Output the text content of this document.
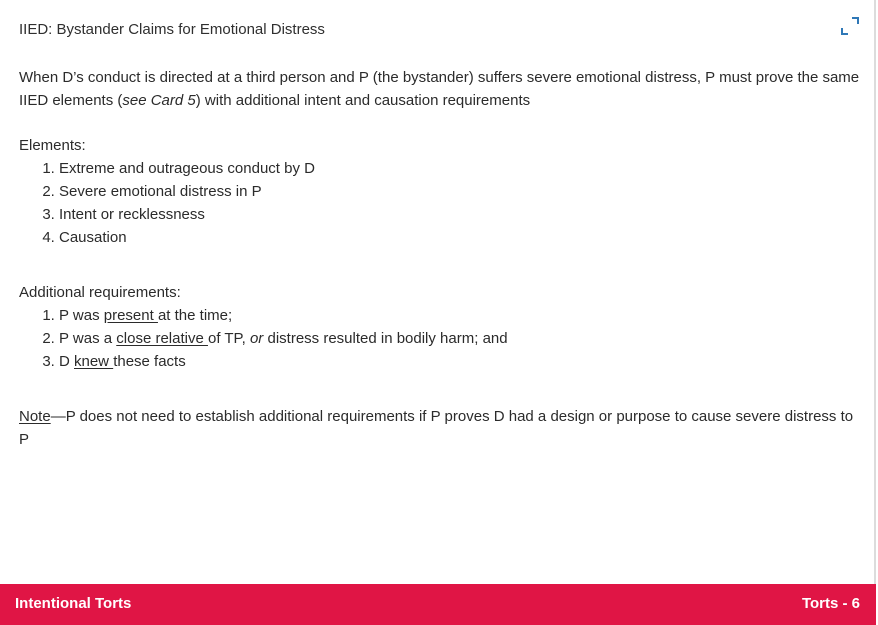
IIED: Bystander Claims for Emotional Distress

When D’s conduct is directed at a third person and P (the bystander) suffers severe emotional distress, P must prove the same IIED elements (see Card 5) with additional intent and causation requirements

Elements:

1. Extreme and outrageous conduct by D
2. Severe emotional distress in P
3. Intent or recklessness
4. Causation

Additional requirements:

1. P was present at the time;
2. P was a close relative of TP, or distress resulted in bodily harm; and
3. D knew these facts

Note—P does not need to establish additional requirements if P proves D had a design or purpose to cause severe distress to P

Intentional Torts	Torts - 6
